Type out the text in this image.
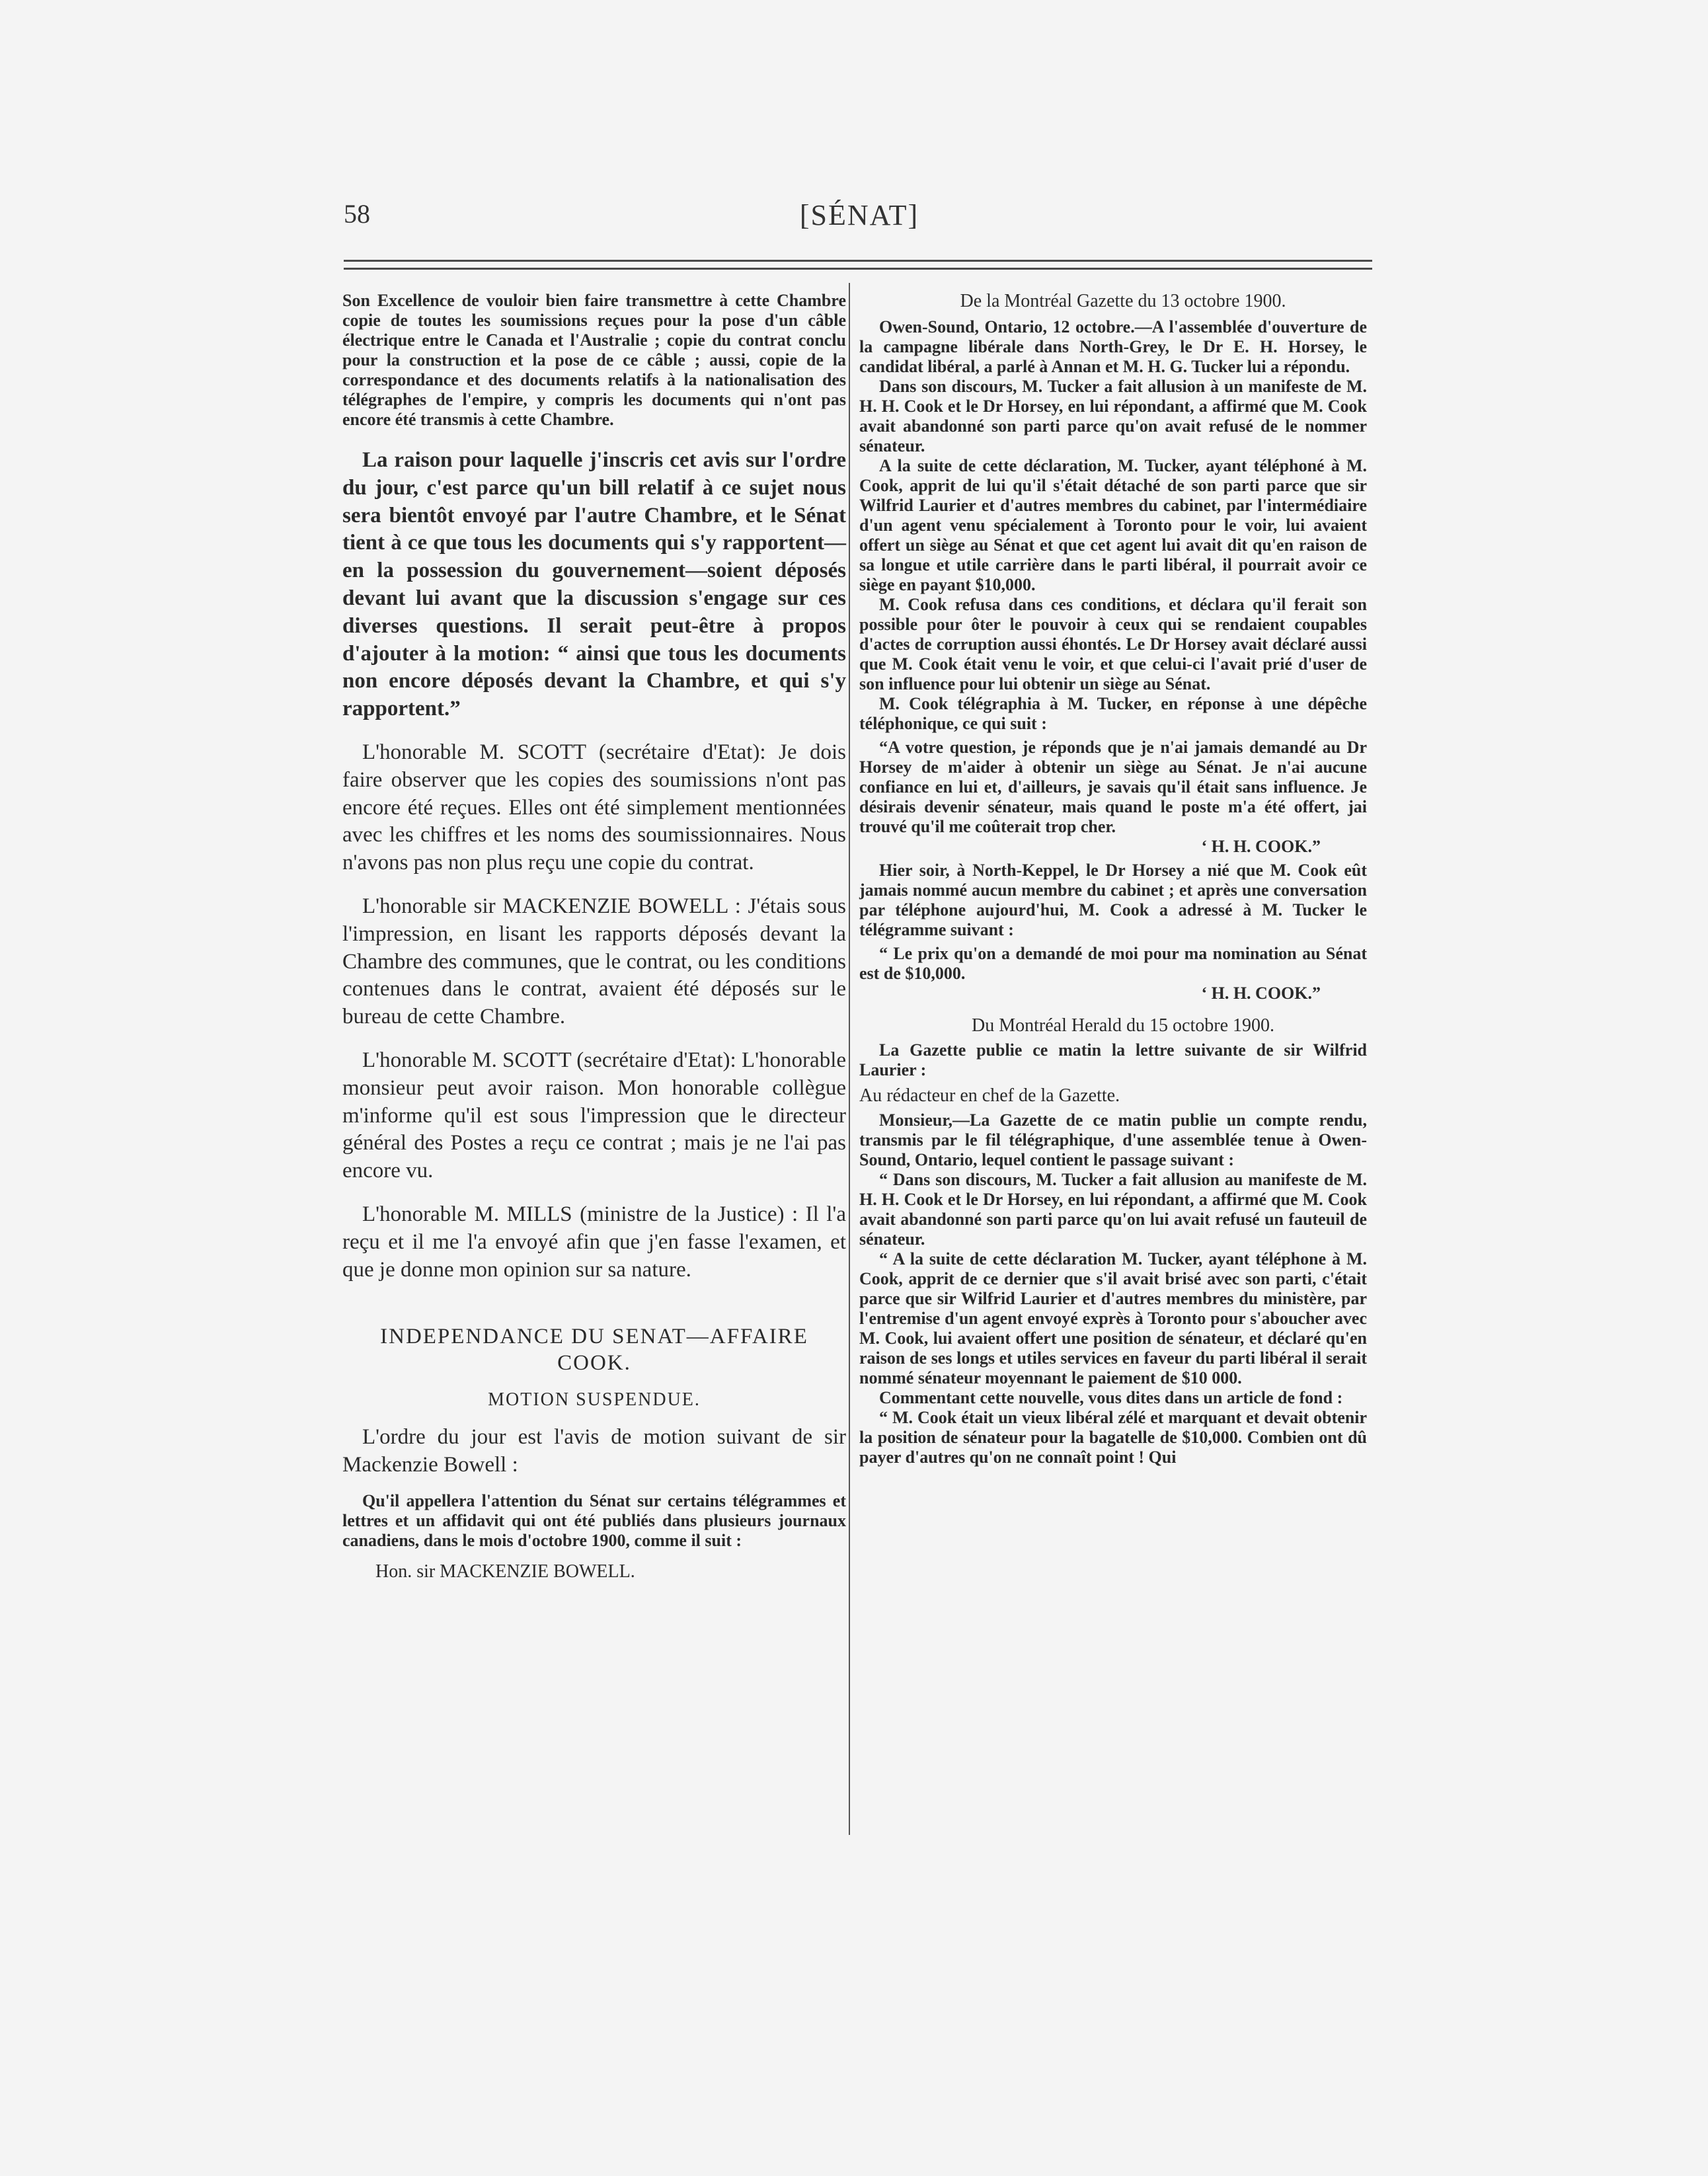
58	[SÉNAT]

Son Excellence de vouloir bien faire transmettre à cette Chambre copie de toutes les soumissions reçues pour la pose d'un câble électrique entre le Canada et l'Australie ; copie du contrat conclu pour la construction et la pose de ce câble ; aussi, copie de la correspondance et des documents relatifs à la nationalisation des télégraphes de l'empire, y compris les documents qui n'ont pas encore été transmis à cette Chambre.

La raison pour laquelle j'inscris cet avis sur l'ordre du jour, c'est parce qu'un bill relatif à ce sujet nous sera bientôt envoyé par l'autre Chambre, et le Sénat tient à ce que tous les documents qui s'y rapportent—en la possession du gouvernement—soient déposés devant lui avant que la discussion s'engage sur ces diverses questions. Il serait peut-être à propos d'ajouter à la motion: “ ainsi que tous les documents non encore déposés devant la Chambre, et qui s'y rapportent.”

L'honorable M. SCOTT (secrétaire d'Etat): Je dois faire observer que les copies des soumissions n'ont pas encore été reçues. Elles ont été simplement mentionnées avec les chiffres et les noms des soumissionnaires. Nous n'avons pas non plus reçu une copie du contrat.

L'honorable sir MACKENZIE BOWELL : J'étais sous l'impression, en lisant les rapports déposés devant la Chambre des communes, que le contrat, ou les conditions contenues dans le contrat, avaient été déposés sur le bureau de cette Chambre.

L'honorable M. SCOTT (secrétaire d'Etat): L'honorable monsieur peut avoir raison. Mon honorable collègue m'informe qu'il est sous l'impression que le directeur général des Postes a reçu ce contrat ; mais je ne l'ai pas encore vu.

L'honorable M. MILLS (ministre de la Justice) : Il l'a reçu et il me l'a envoyé afin que j'en fasse l'examen, et que je donne mon opinion sur sa nature.

INDEPENDANCE DU SENAT—AFFAIRE COOK.

MOTION SUSPENDUE.

L'ordre du jour est l'avis de motion suivant de sir Mackenzie Bowell :

Qu'il appellera l'attention du Sénat sur certains télégrammes et lettres et un affidavit qui ont été publiés dans plusieurs journaux canadiens, dans le mois d'octobre 1900, comme il suit :

Hon. sir MACKENZIE BOWELL.

De la Montréal Gazette du 13 octobre 1900.

Owen-Sound, Ontario, 12 octobre.—A l'assemblée d'ouverture de la campagne libérale dans North-Grey, le Dr E. H. Horsey, le candidat libéral, a parlé à Annan et M. H. G. Tucker lui a répondu.

Dans son discours, M. Tucker a fait allusion à un manifeste de M. H. H. Cook et le Dr Horsey, en lui répondant, a affirmé que M. Cook avait abandonné son parti parce qu'on avait refusé de le nommer sénateur.

A la suite de cette déclaration, M. Tucker, ayant téléphoné à M. Cook, apprit de lui qu'il s'était détaché de son parti parce que sir Wilfrid Laurier et d'autres membres du cabinet, par l'intermédiaire d'un agent venu spécialement à Toronto pour le voir, lui avaient offert un siège au Sénat et que cet agent lui avait dit qu'en raison de sa longue et utile carrière dans le parti libéral, il pourrait avoir ce siège en payant $10,000.

M. Cook refusa dans ces conditions, et déclara qu'il ferait son possible pour ôter le pouvoir à ceux qui se rendaient coupables d'actes de corruption aussi éhontés. Le Dr Horsey avait déclaré aussi que M. Cook était venu le voir, et que celui-ci l'avait prié d'user de son influence pour lui obtenir un siège au Sénat.

M. Cook télégraphia à M. Tucker, en réponse à une dépêche téléphonique, ce qui suit :

“A votre question, je réponds que je n'ai jamais demandé au Dr Horsey de m'aider à obtenir un siège au Sénat. Je n'ai aucune confiance en lui et, d'ailleurs, je savais qu'il était sans influence. Je désirais devenir sénateur, mais quand le poste m'a été offert, jai trouvé qu'il me coûterait trop cher.

‘ H. H. COOK.”

Hier soir, à North-Keppel, le Dr Horsey a nié que M. Cook eût jamais nommé aucun membre du cabinet ; et après une conversation par téléphone aujourd'hui, M. Cook a adressé à M. Tucker le télégramme suivant :

“ Le prix qu'on a demandé de moi pour ma nomination au Sénat est de $10,000.

‘ H. H. COOK.”

Du Montréal Herald du 15 octobre 1900.

La Gazette publie ce matin la lettre suivante de sir Wilfrid Laurier :

Au rédacteur en chef de la Gazette.

Monsieur,—La Gazette de ce matin publie un compte rendu, transmis par le fil télégraphique, d'une assemblée tenue à Owen-Sound, Ontario, lequel contient le passage suivant :

“ Dans son discours, M. Tucker a fait allusion au manifeste de M. H. H. Cook et le Dr Horsey, en lui répondant, a affirmé que M. Cook avait abandonné son parti parce qu'on lui avait refusé un fauteuil de sénateur.

“ A la suite de cette déclaration M. Tucker, ayant téléphone à M. Cook, apprit de ce dernier que s'il avait brisé avec son parti, c'était parce que sir Wilfrid Laurier et d'autres membres du ministère, par l'entremise d'un agent envoyé exprès à Toronto pour s'aboucher avec M. Cook, lui avaient offert une position de sénateur, et déclaré qu'en raison de ses longs et utiles services en faveur du parti libéral il serait nommé sénateur moyennant le paiement de $10 000.

Commentant cette nouvelle, vous dites dans un article de fond :

“ M. Cook était un vieux libéral zélé et marquant et devait obtenir la position de sénateur pour la bagatelle de $10,000. Combien ont dû payer d'autres qu'on ne connaît point ! Qui
